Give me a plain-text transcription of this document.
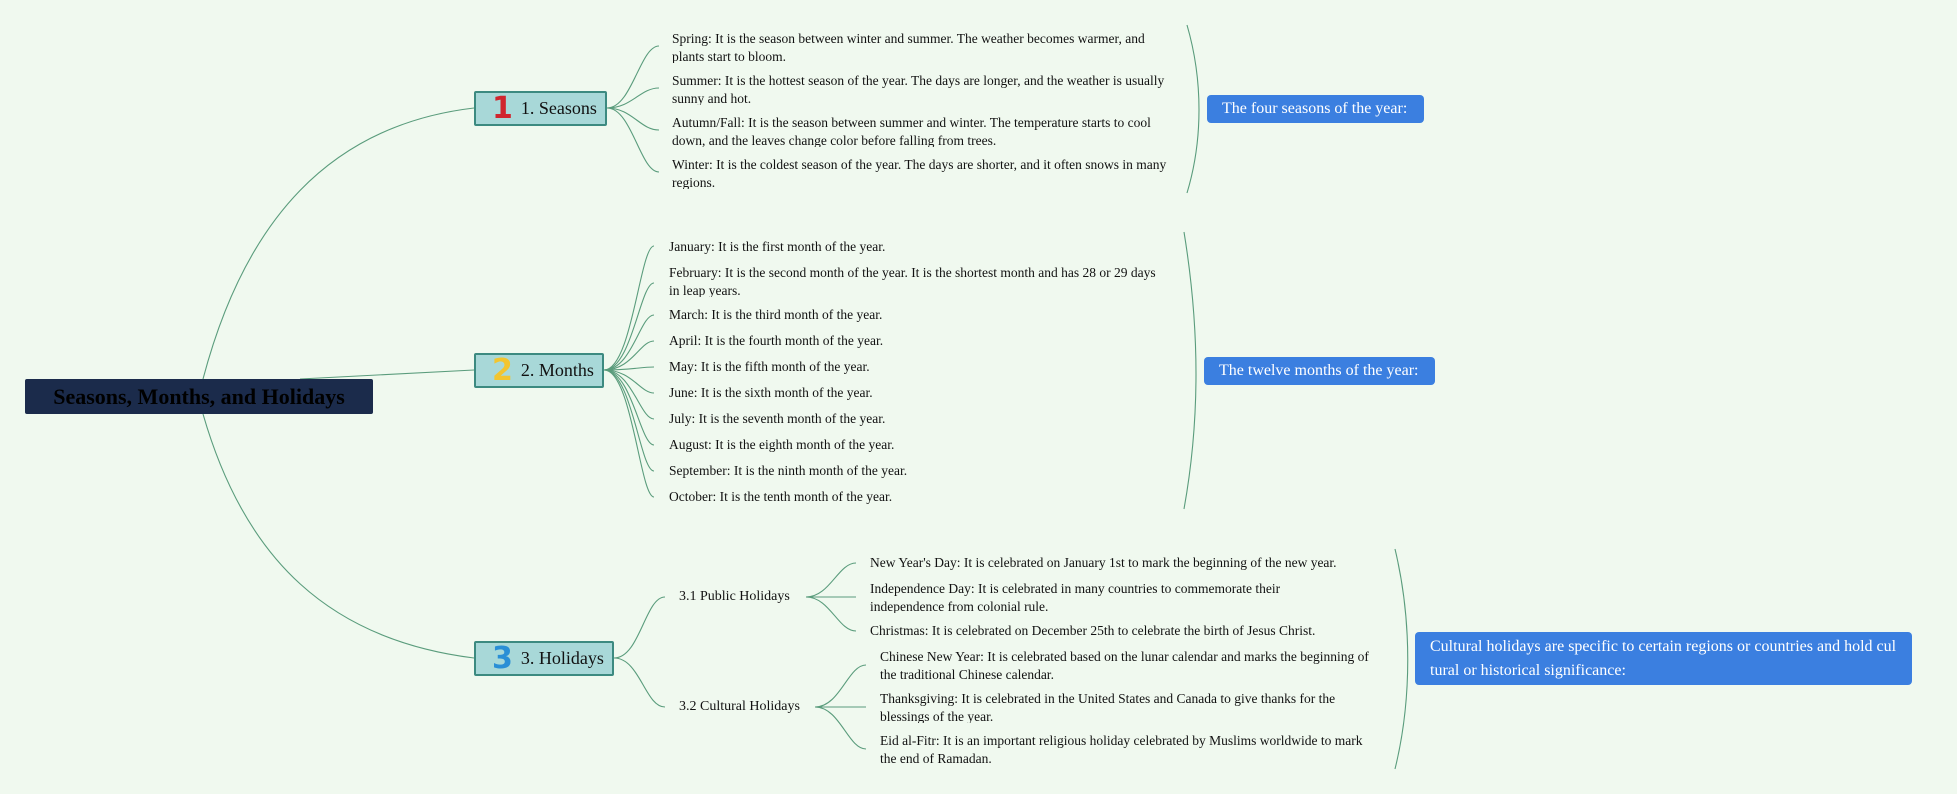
Seasons, Months, and Holidays
1 1. Seasons
2 2. Months
3 3. Holidays
Spring: It is the season between winter and summer. The weather becomes warmer, and plants start to bloom.
Summer: It is the hottest season of the year. The days are longer, and the weather is usually sunny and hot.
Autumn/Fall: It is the season between summer and winter. The temperature starts to cool down, and the leaves change color before falling from trees.
Winter: It is the coldest season of the year. The days are shorter, and it often snows in many regions.
January: It is the first month of the year.
February: It is the second month of the year. It is the shortest month and has 28 or 29 days in leap years.
March: It is the third month of the year.
April: It is the fourth month of the year.
May: It is the fifth month of the year.
June: It is the sixth month of the year.
July: It is the seventh month of the year.
August: It is the eighth month of the year.
September: It is the ninth month of the year.
October: It is the tenth month of the year.
3.1 Public Holidays
3.2 Cultural Holidays
New Year's Day: It is celebrated on January 1st to mark the beginning of the new year.
Independence Day: It is celebrated in many countries to commemorate their independence from colonial rule.
Christmas: It is celebrated on December 25th to celebrate the birth of Jesus Christ.
Chinese New Year: It is celebrated based on the lunar calendar and marks the beginning of the traditional Chinese calendar.
Thanksgiving: It is celebrated in the United States and Canada to give thanks for the blessings of the year.
Eid al-Fitr: It is an important religious holiday celebrated by Muslims worldwide to mark the end of Ramadan.
The four seasons of the year:
The twelve months of the year:
Cultural holidays are specific to certain regions or countries and hold cul tural or historical significance:
